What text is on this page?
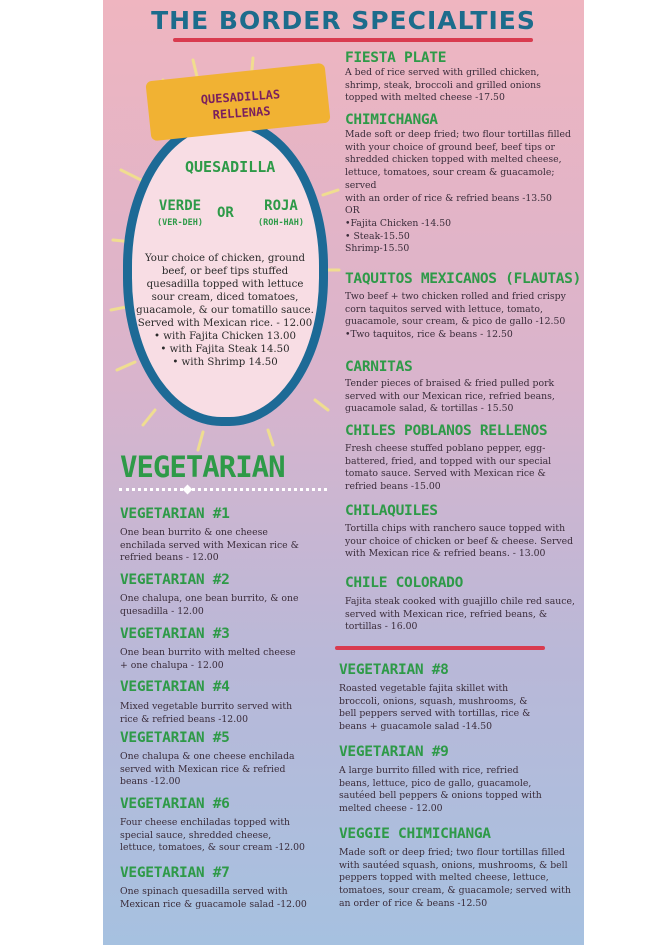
THE BORDER SPECIALTIES
QUESADILLAS
RELLENAS
QUESADILLA
VERDE
(VER-DEH)
OR	ROJA
(ROH-HAH)
Your choice of chicken, ground
beef, or beef tips stuffed
quesadilla topped with lettuce
sour cream, diced tomatoes,
guacamole, & our tomatillo sauce.
Served with Mexican rice. - 12.00
• with Fajita Chicken 13.00
• with Fajita Steak 14.50
• with Shrimp 14.50
FIESTA PLATE
A bed of rice served with grilled chicken,
shrimp, steak, broccoli and grilled onions
topped with melted cheese -17.50
CHIMICHANGA
Made soft or deep fried; two flour tortillas filled
with your choice of ground beef, beef tips or
shredded chicken topped with melted cheese,
lettuce, tomatoes, sour cream & guacamole; served
with an order of rice & refried beans -13.50
OR
•Fajita Chicken -14.50
• Steak-15.50
Shrimp-15.50
TAQUITOS MEXICANOS (FLAUTAS)
Two beef + two chicken rolled and fried crispy
corn taquitos served with lettuce, tomato,
guacamole, sour cream, & pico de gallo -12.50
•Two taquitos, rice & beans - 12.50
CARNITAS
Tender pieces of braised & fried pulled pork
served with our Mexican rice, refried beans,
guacamole salad, & tortillas - 15.50
CHILES POBLANOS RELLENOS
Fresh cheese stuffed poblano pepper, egg-
battered, fried, and topped with our special
tomato sauce. Served with Mexican rice &
refried beans -15.00
CHILAQUILES
Tortilla chips with ranchero sauce topped with
your choice of chicken or beef & cheese. Served
with Mexican rice & refried beans. - 13.00
CHILE COLORADO
Fajita steak cooked with guajillo chile red sauce,
served with Mexican rice, refried beans, &
tortillas - 16.00
VEGETARIAN
VEGETARIAN #1
One bean burrito & one cheese
enchilada served with Mexican rice &
refried beans - 12.00
VEGETARIAN #2
One chalupa, one bean burrito, & one
quesadilla - 12.00
VEGETARIAN #3
One bean burrito with melted cheese
+ one chalupa - 12.00
VEGETARIAN #4
Mixed vegetable burrito served with
rice & refried beans -12.00
VEGETARIAN #5
One chalupa & one cheese enchilada
served with Mexican rice & refried
beans -12.00
VEGETARIAN #6
Four cheese enchiladas topped with
special sauce, shredded cheese,
lettuce, tomatoes, & sour cream -12.00
VEGETARIAN #7
One spinach quesadilla served with
Mexican rice & guacamole salad -12.00
VEGETARIAN #8
Roasted vegetable fajita skillet with
broccoli, onions, squash, mushrooms, &
bell peppers served with tortillas, rice &
beans + guacamole salad -14.50
VEGETARIAN #9
A large burrito filled with rice, refried
beans, lettuce, pico de gallo, guacamole,
sautéed bell peppers & onions topped with
melted cheese - 12.00
VEGGIE CHIMICHANGA
Made soft or deep fried; two flour tortillas filled
with sautéed squash, onions, mushrooms, & bell
peppers topped with melted cheese, lettuce,
tomatoes, sour cream, & guacamole; served with
an order of rice & beans -12.50
